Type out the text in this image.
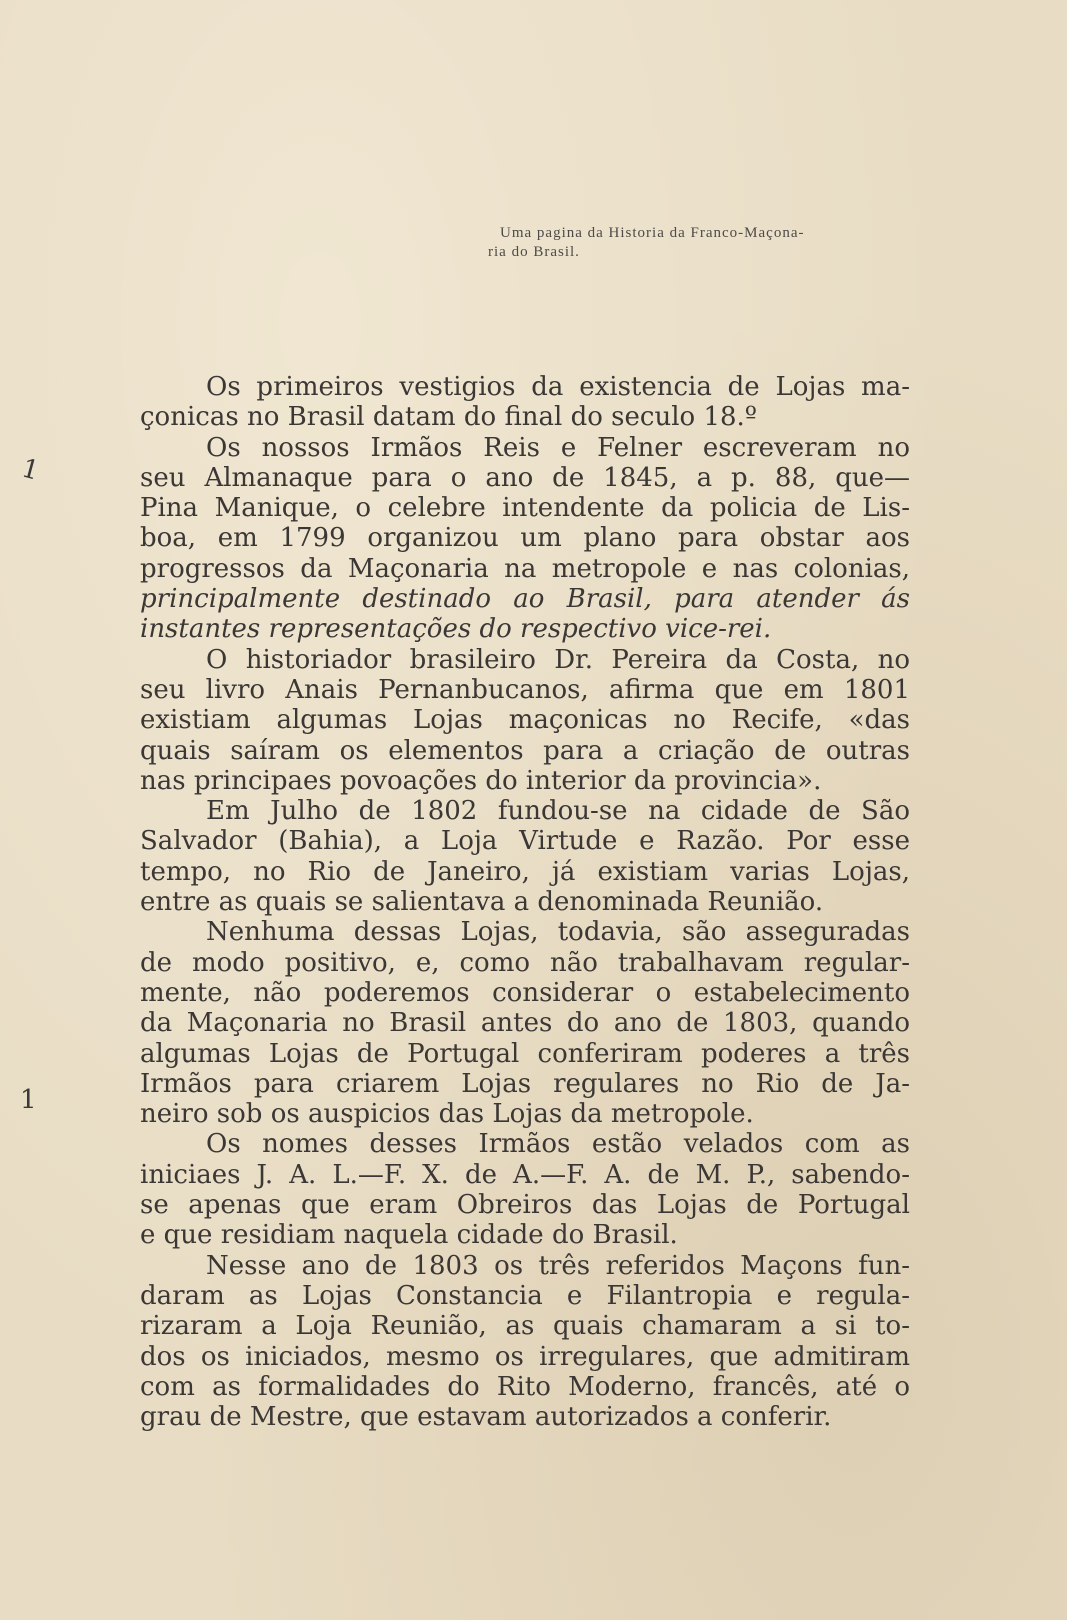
Uma pagina da Historia da Franco-Maçona-
ria do Brasil.
Os primeiros vestigios da existencia de Lojas ma-
çonicas no Brasil datam do final do seculo 18.º
Os nossos Irmãos Reis e Felner escreveram no
seu Almanaque para o ano de 1845, a p. 88, que—
Pina Manique, o celebre intendente da policia de Lis-
boa, em 1799 organizou um plano para obstar aos
progressos da Maçonaria na metropole e nas colonias,
principalmente destinado ao Brasil, para atender ás
instantes representações do respectivo vice-rei.
O historiador brasileiro Dr. Pereira da Costa, no
seu livro Anais Pernanbucanos, afirma que em 1801
existiam algumas Lojas maçonicas no Recife, «das
quais saíram os elementos para a criação de outras
nas principaes povoações do interior da provincia».
Em Julho de 1802 fundou-se na cidade de São
Salvador (Bahia), a Loja Virtude e Razão. Por esse
tempo, no Rio de Janeiro, já existiam varias Lojas,
entre as quais se salientava a denominada Reunião.
Nenhuma dessas Lojas, todavia, são asseguradas
de modo positivo, e, como não trabalhavam regular-
mente, não poderemos considerar o estabelecimento
da Maçonaria no Brasil antes do ano de 1803, quando
algumas Lojas de Portugal conferiram poderes a três
Irmãos para criarem Lojas regulares no Rio de Ja-
neiro sob os auspicios das Lojas da metropole.
Os nomes desses Irmãos estão velados com as
iniciaes J. A. L.—F. X. de A.—F. A. de M. P., sabendo-
se apenas que eram Obreiros das Lojas de Portugal
e que residiam naquela cidade do Brasil.
Nesse ano de 1803 os três referidos Maçons fun-
daram as Lojas Constancia e Filantropia e regula-
rizaram a Loja Reunião, as quais chamaram a si to-
dos os iniciados, mesmo os irregulares, que admitiram
com as formalidades do Rito Moderno, francês, até o
grau de Mestre, que estavam autorizados a conferir.
1
1
